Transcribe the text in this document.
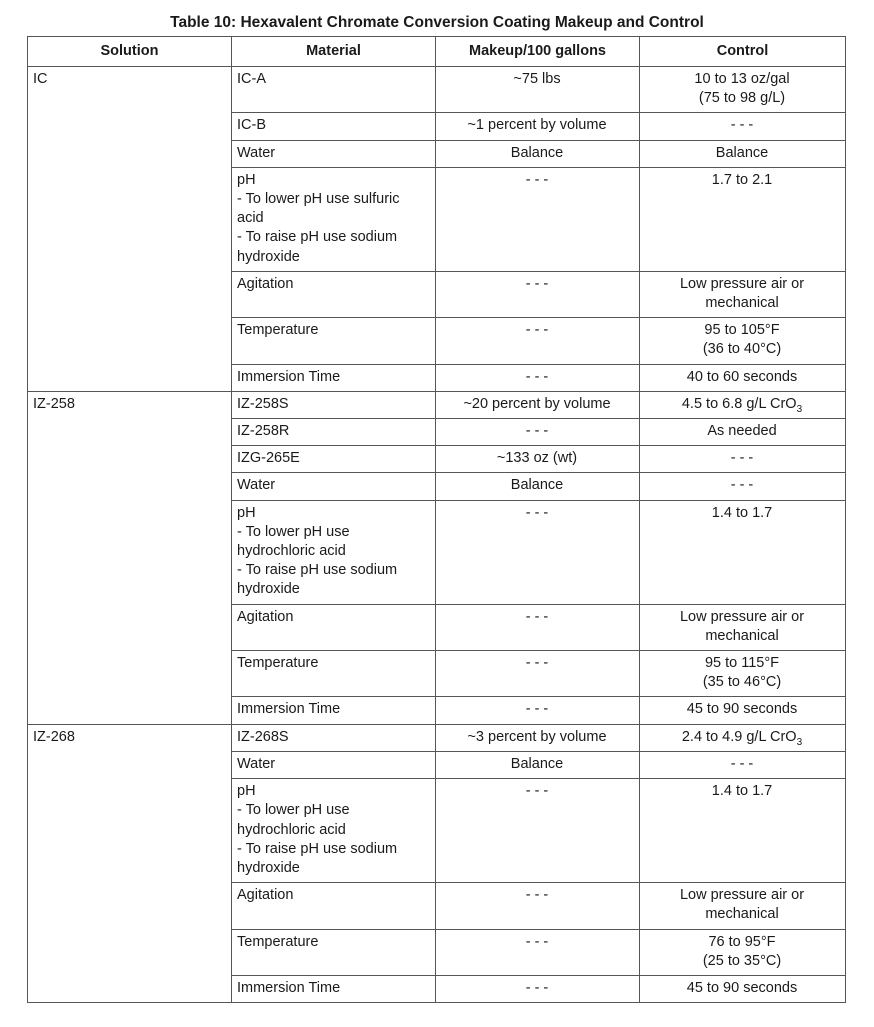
Table 10: Hexavalent Chromate Conversion Coating Makeup and Control
Solution	Material	Makeup/100 gallons	Control
IC	IC-A	~75 lbs	10 to 13 oz/gal
(75 to 98 g/L)

	IC-B	~1 percent by volume	- - -

	Water	Balance	Balance

	pH
- To lower pH use sulfuric
acid
- To raise pH use sodium
hydroxide	- - -	1.7 to 2.1

	Agitation	- - -	Low pressure air or
mechanical

	Temperature	- - -	95 to 105°F
(36 to 40°C)

	Immersion Time	- - -	40 to 60 seconds

IZ-258	IZ-258S	~20 percent by volume	4.5 to 6.8 g/L CrO$_3$

	IZ-258R	- - -	As needed

	IZG-265E	~133 oz (wt)	- - -

	Water	Balance	- - -

	pH
- To lower pH use
hydrochloric acid
- To raise pH use sodium
hydroxide	- - -	1.4 to 1.7

	Agitation	- - -	Low pressure air or
mechanical

	Temperature	- - -	95 to 115°F
(35 to 46°C)

	Immersion Time	- - -	45 to 90 seconds

IZ-268	IZ-268S	~3 percent by volume	2.4 to 4.9 g/L CrO$_3$

	Water	Balance	- - -

	pH
- To lower pH use
hydrochloric acid
- To raise pH use sodium
hydroxide	- - -	1.4 to 1.7

	Agitation	- - -	Low pressure air or
mechanical

	Temperature	- - -	76 to 95°F
(25 to 35°C)

	Immersion Time	- - -	45 to 90 seconds
